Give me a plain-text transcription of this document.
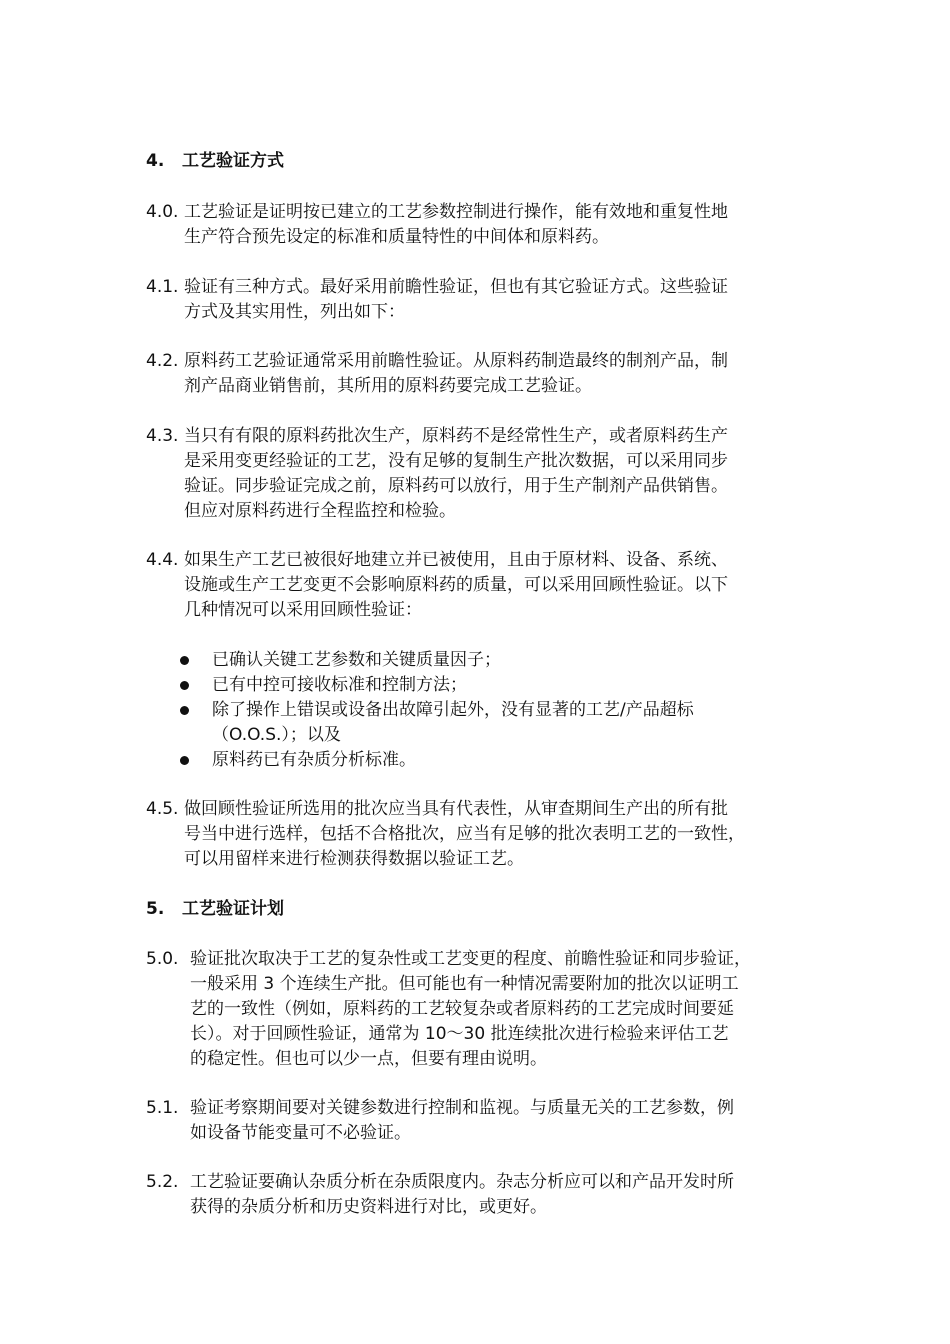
4. 工艺验证方式
4.0. 工艺验证是证明按已建立的工艺参数控制进行操作，能有效地和重复性地
生产符合预先设定的标准和质量特性的中间体和原料药。
4.1. 验证有三种方式。最好采用前瞻性验证，但也有其它验证方式。这些验证
方式及其实用性，列出如下：
4.2. 原料药工艺验证通常采用前瞻性验证。从原料药制造最终的制剂产品，制
剂产品商业销售前，其所用的原料药要完成工艺验证。
4.3. 当只有有限的原料药批次生产，原料药不是经常性生产，或者原料药生产
是采用变更经验证的工艺，没有足够的复制生产批次数据，可以采用同步
验证。同步验证完成之前，原料药可以放行，用于生产制剂产品供销售。
但应对原料药进行全程监控和检验。
4.4. 如果生产工艺已被很好地建立并已被使用，且由于原材料、设备、系统、
设施或生产工艺变更不会影响原料药的质量，可以采用回顾性验证。以下
几种情况可以采用回顾性验证：
已确认关键工艺参数和关键质量因子；
已有中控可接收标准和控制方法；
除了操作上错误或设备出故障引起外，没有显著的工艺/产品超标
（O.O.S.）；以及
原料药已有杂质分析标准。
4.5. 做回顾性验证所选用的批次应当具有代表性，从审查期间生产出的所有批
号当中进行选样，包括不合格批次，应当有足够的批次表明工艺的一致性，
可以用留样来进行检测获得数据以验证工艺。
5. 工艺验证计划
5.0. 验证批次取决于工艺的复杂性或工艺变更的程度、前瞻性验证和同步验证，
一般采用 3 个连续生产批。但可能也有一种情况需要附加的批次以证明工
艺的一致性（例如，原料药的工艺较复杂或者原料药的工艺完成时间要延
长）。对于回顾性验证，通常为 10～30 批连续批次进行检验来评估工艺
的稳定性。但也可以少一点，但要有理由说明。
5.1. 验证考察期间要对关键参数进行控制和监视。与质量无关的工艺参数，例
如设备节能变量可不必验证。
5.2. 工艺验证要确认杂质分析在杂质限度内。杂志分析应可以和产品开发时所
获得的杂质分析和历史资料进行对比，或更好。
